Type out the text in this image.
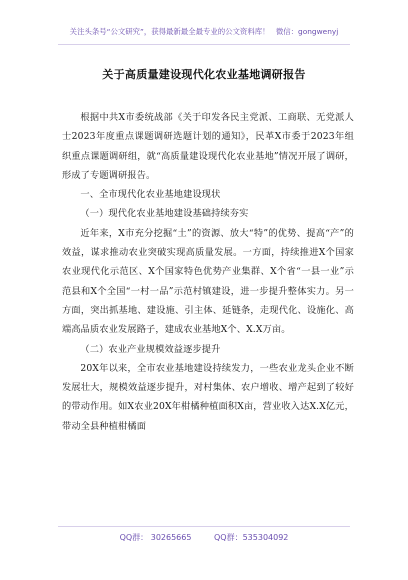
关注头条号“公文研究”，获得最新最全最专业的公文资料库！ 微信：gongwenyj
关于高质量建设现代化农业基地调研报告

根据中共X市委统战部《关于印发各民主党派、工商联、无党派人士2023年度重点课题调研选题计划的通知》，民革X市委于2023年组织重点课题调研组，就“高质量建设现代化农业基地”情况开展了调研，形成了专题调研报告。

一、全市现代化农业基地建设现状

（一）现代化农业基地建设基础持续夯实

近年来，X市充分挖掘“土”的资源、放大“特”的优势、提高“产”的效益，谋求推动农业突破实现高质量发展。一方面，持续推进X个国家农业现代化示范区、X个国家特色优势产业集群、X个省“一县一业”示范县和X个全国“一村一品”示范村镇建设，进一步提升整体实力。另一方面，突出抓基地、建设施、引主体、延链条，走现代化、设施化、高端高品质农业发展路子，建成农业基地X个、X.X万亩。

（二）农业产业规模效益逐步提升

20X年以来，全市农业基地建设持续发力，一些农业龙头企业不断发展壮大，规模效益逐步提升，对村集体、农户增收、增产起到了较好的带动作用。如X农业20X年柑橘种植面积X亩，营业收入达X.X亿元，带动全县种植柑橘面

QQ群： 30265665	QQ群：535304092
